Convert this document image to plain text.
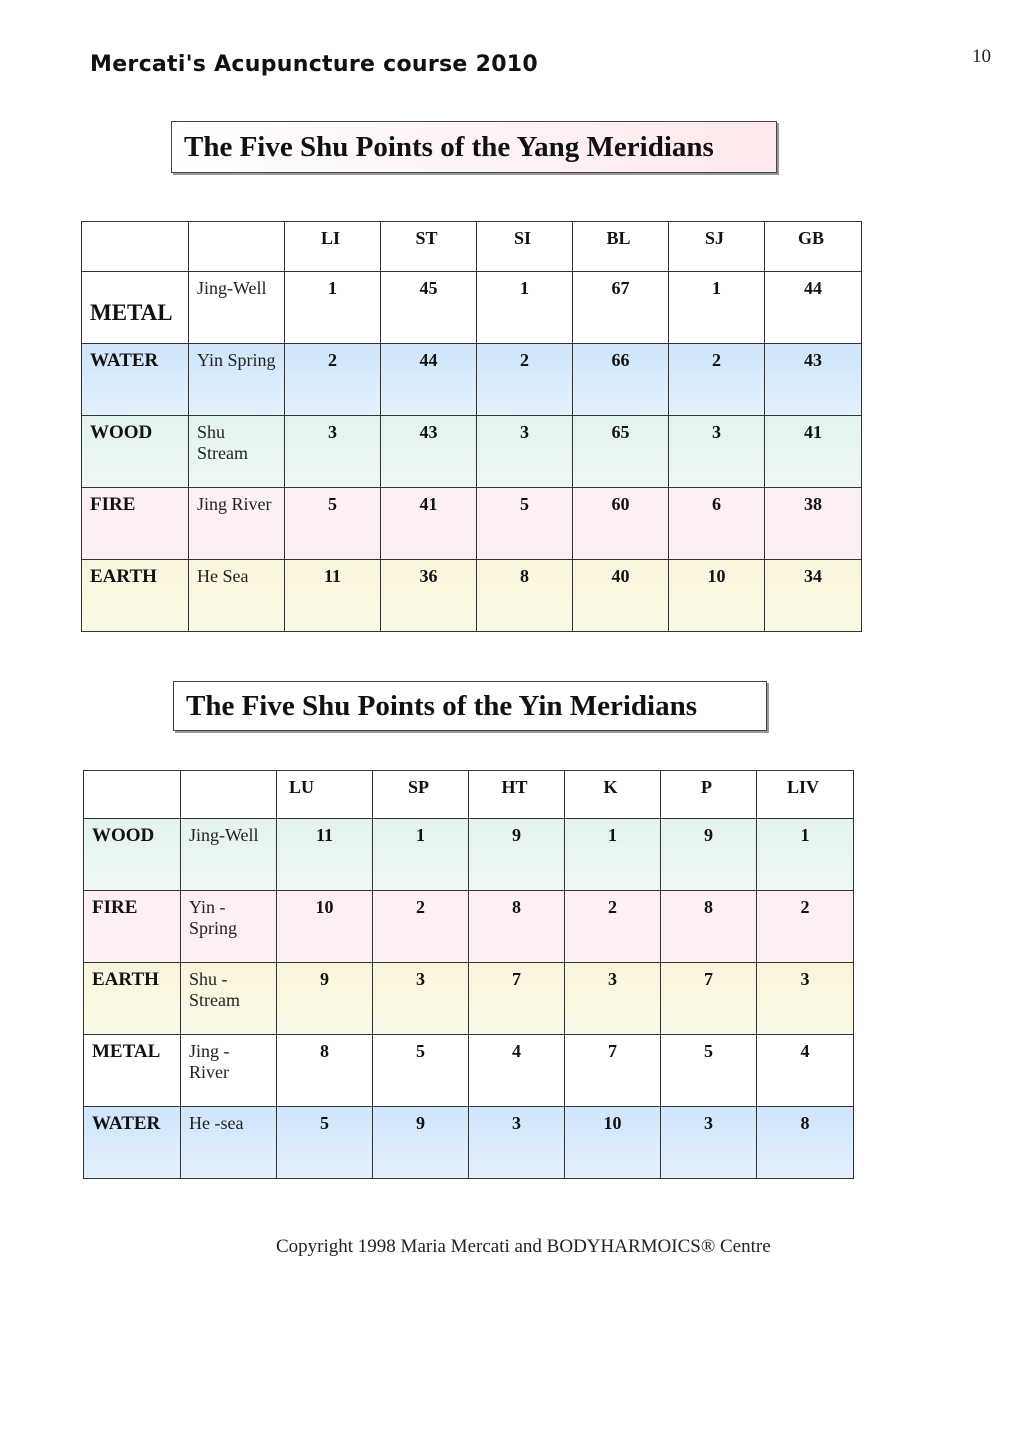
Mercati's Acupuncture course 2010	10
The Five Shu Points of the Yang Meridians
		LI	ST	SI	BL	SJ	GB
METAL	Jing-Well	1	45	1	67	1	44
WATER	Yin Spring	2	44	2	66	2	43
WOOD	Shu Stream	3	43	3	65	3	41
FIRE	Jing River	5	41	5	60	6	38
EARTH	He Sea	11	36	8	40	10	34
The Five Shu Points of the Yin Meridians
		LU	SP	HT	K	P	LIV
WOOD	Jing-Well	11	1	9	1	9	1
FIRE	Yin - Spring	10	2	8	2	8	2
EARTH	Shu - Stream	9	3	7	3	7	3
METAL	Jing - River	8	5	4	7	5	4
WATER	He -sea	5	9	3	10	3	8
Copyright 1998 Maria Mercati and BODYHARMOICS® Centre
